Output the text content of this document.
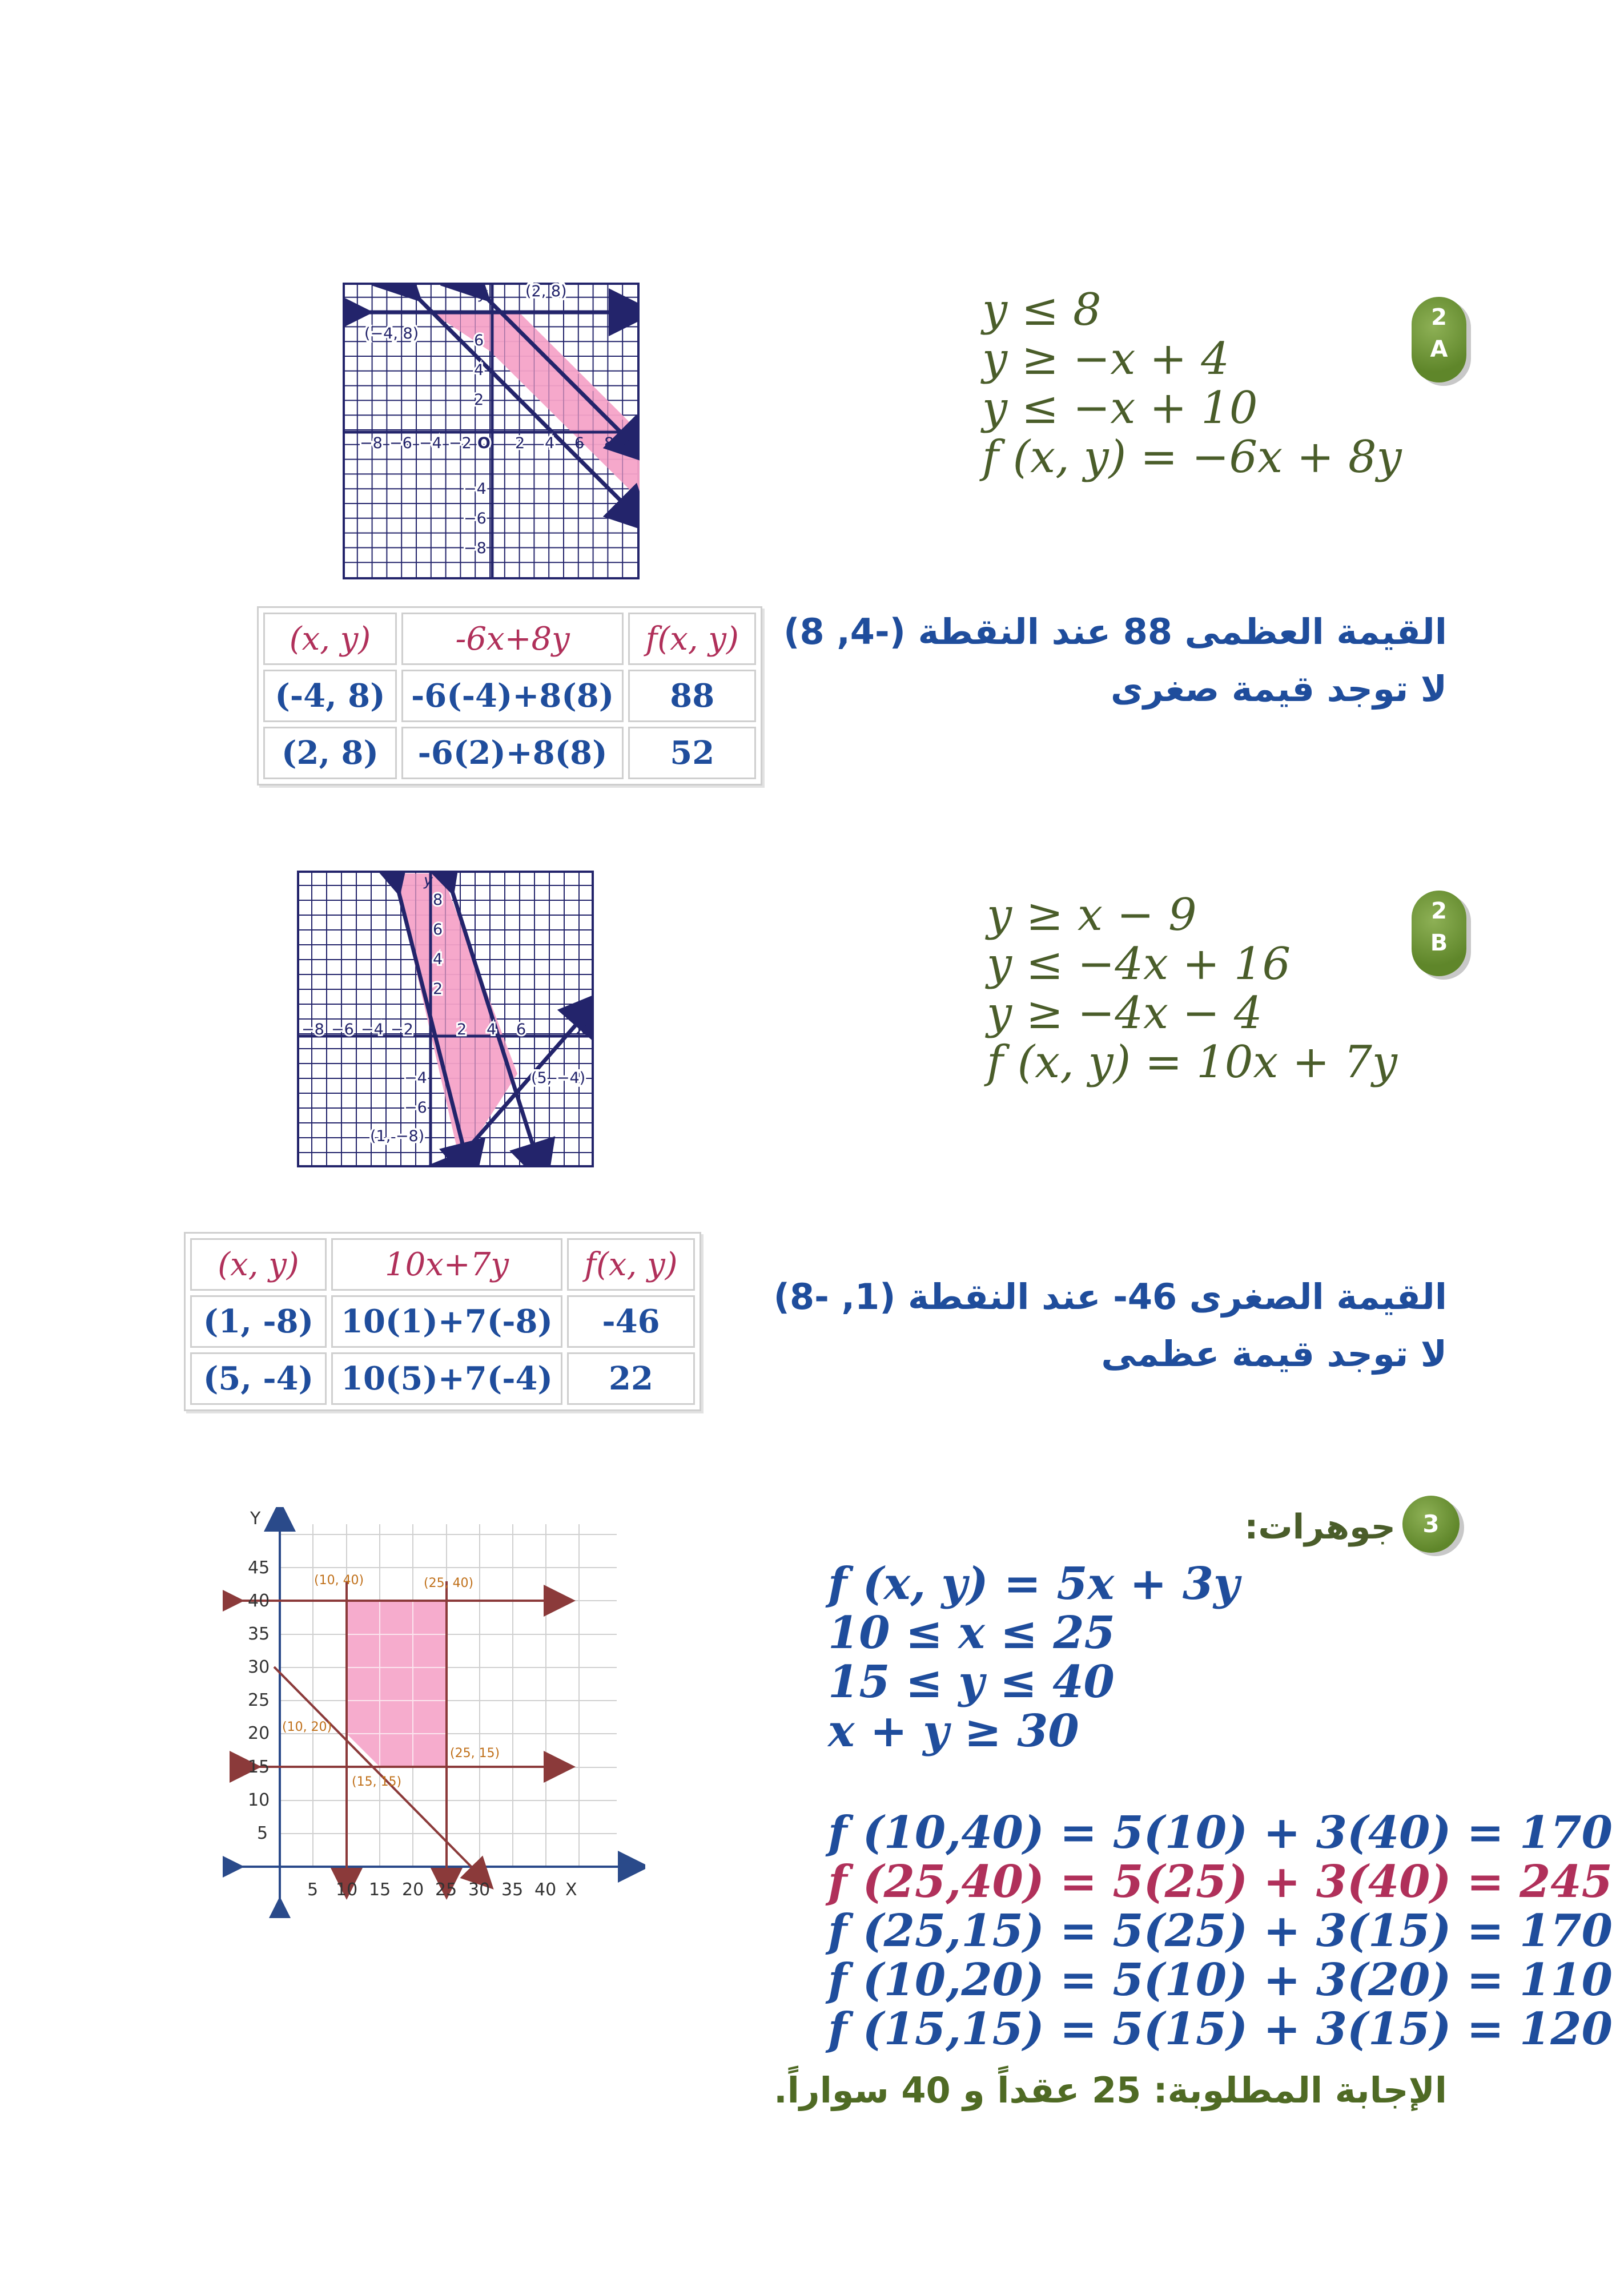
2
A
y ≤ 8
y ≥ −x + 4
y ≤ −x + 10
f (x, y) = −6x + 8y
−8 −6 −4 −2 O 2 4 6 8 x
y
6
4
2
−4
−6
−8
(−4, 8)
(2, 8)
(x, y)	-6x+8y	f(x, y)
(-4, 8)	-6(-4)+8(8)	88
(2, 8)	-6(2)+8(8)	52
القيمة العظمى 88 عند النقطة (-4, 8)
لا توجد قيمة صغرى
2
B
y ≥ x − 9
y ≤ −4x + 16
y ≥ −4x − 4
f (x, y) = 10x + 7y
−8 −6 −4 −2	2 4 6	x
y
8
6
4
2
−4
−6
(5, −4)
(1, −8)
(x, y)	10x+7y	f(x, y)
(1, -8)	10(1)+7(-8)	-46
(5, -4)	10(5)+7(-4)	22
القيمة الصغرى 46- عند النقطة (1, -8)
لا توجد قيمة عظمى
3
جوهرات:
f (x, y) = 5x + 3y
10 ≤ x ≤ 25
15 ≤ y ≤ 40
x + y ≥ 30
f (10,40) = 5(10) + 3(40) = 170
f (25,40) = 5(25) + 3(40) = 245
f (25,15) = 5(25) + 3(15) = 170
f (10,20) = 5(10) + 3(20) = 110
f (15,15) = 5(15) + 3(15) = 120
الإجابة المطلوبة: 25 عقداً و 40 سواراً.
Y
X
45
40
35
30
25
20
15
10
5
5 10 15 20 25 30 35 40
(10, 40)	(25, 40)
(10, 20)
(25, 15)
(15, 15)
